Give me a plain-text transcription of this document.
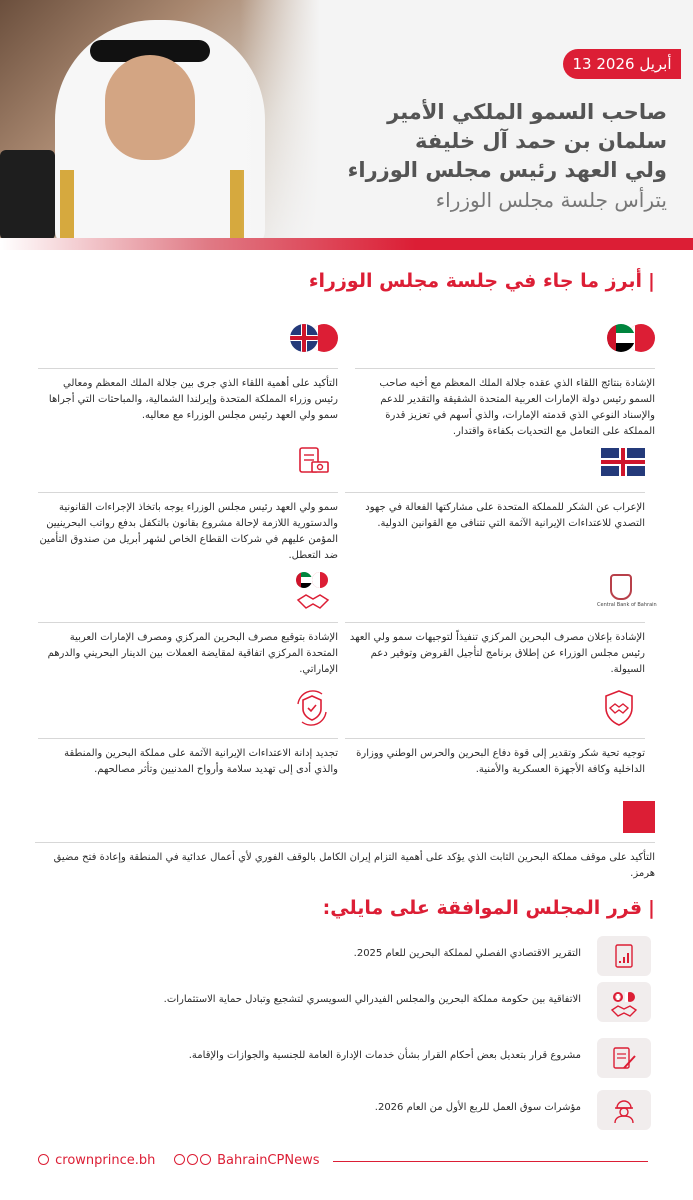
13 أبريل 2026
صاحب السمو الملكي الأمير
سلمان بن حمد آل خليفة
ولي العهد رئيس مجلس الوزراء
يترأس جلسة مجلس الوزراء
|أبرز ما جاء في جلسة مجلس الوزراء
الإشادة بنتائج اللقاء الذي عقده جلالة الملك المعظم مع أخيه صاحب السمو رئيس دولة الإمارات العربية المتحدة الشقيقة والتقدير للدعم والإسناد النوعي الذي قدمته الإمارات، والذي أسهم في تعزيز قدرة المملكة على التعامل مع التحديات بكفاءة واقتدار.
التأكيد على أهمية اللقاء الذي جرى بين جلالة الملك المعظم ومعالي رئيس وزراء المملكة المتحدة وإيرلندا الشمالية، والمباحثات التي أجراها سمو ولي العهد رئيس مجلس الوزراء مع معاليه.
الإعراب عن الشكر للمملكة المتحدة على مشاركتها الفعالة في جهود التصدي للاعتداءات الإيرانية الآثمة التي تتنافى مع القوانين الدولية.
سمو ولي العهد رئيس مجلس الوزراء يوجه باتخاذ الإجراءات القانونية والدستورية اللازمة لإحالة مشروع بقانون بالتكفل بدفع رواتب البحرينيين المؤمن عليهم في شركات القطاع الخاص لشهر أبريل من صندوق التأمين ضد التعطل.
Central Bank of Bahrain
الإشادة بإعلان مصرف البحرين المركزي تنفيذاً لتوجيهات سمو ولي العهد رئيس مجلس الوزراء عن إطلاق برنامج لتأجيل القروض وتوفير دعم السيولة.
الإشادة بتوقيع مصرف البحرين المركزي ومصرف الإمارات العربية المتحدة المركزي اتفاقية لمقايضة العملات بين الدينار البحريني والدرهم الإماراتي.
توجيه تحية شكر وتقدير إلى قوة دفاع البحرين والحرس الوطني ووزارة الداخلية وكافة الأجهزة العسكرية والأمنية.
تجديد إدانة الاعتداءات الإيرانية الآثمة على مملكة البحرين والمنطقة والذي أدى إلى تهديد سلامة وأرواح المدنيين وتأثر مصالحهم.
التأكيد على موقف مملكة البحرين الثابت الذي يؤكد على أهمية التزام إيران الكامل بالوقف الفوري لأي أعمال عدائية في المنطقة وإعادة فتح مضيق هرمز.
|قرر المجلس الموافقة على مايلي:
التقرير الاقتصادي الفصلي لمملكة البحرين للعام 2025.
الاتفاقية بين حكومة مملكة البحرين والمجلس الفيدرالي السويسري لتشجيع وتبادل حماية الاستثمارات.
مشروع قرار بتعديل بعض أحكام القرار بشأن خدمات الإدارة العامة للجنسية والجوازات والإقامة.
مؤشرات سوق العمل للربع الأول من العام 2026.
crownprince.bh	BahrainCPNews
